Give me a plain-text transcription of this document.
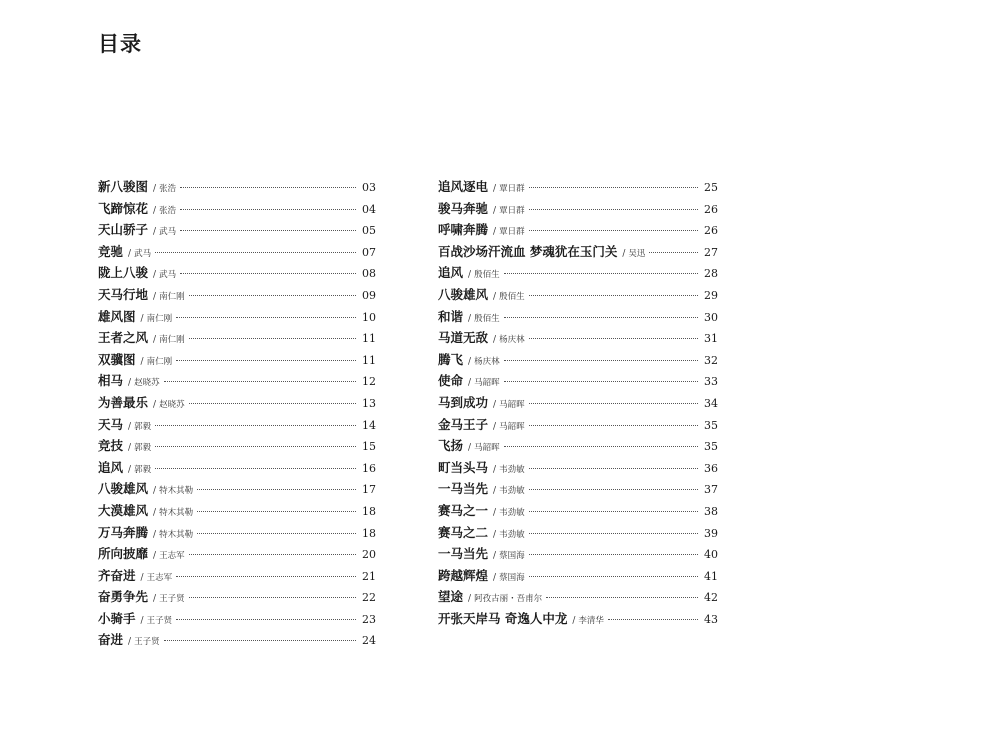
目录
新八骏图 / 张浩	03
飞蹄惊花 / 张浩	04
天山骄子 / 武马	05
竞驰 / 武马	07
陇上八骏 / 武马	08
天马行地 / 南仁刚	09
雄风图 / 南仁刚	10
王者之风 / 南仁刚	11
双骥图 / 南仁刚	11
相马 / 赵晓苏	12
为善最乐 / 赵晓苏	13
天马 / 郭毅	14
竞技 / 郭毅	15
追风 / 郭毅	16
八骏雄风 / 特木其勒	17
大漠雄风 / 特木其勒	18
万马奔腾 / 特木其勒	18
所向披靡 / 王志军	20
齐奋进 / 王志军	21
奋勇争先 / 王子贤	22
小骑手 / 王子贤	23
奋进 / 王子贤	24
追风逐电 / 覃日群	25
骏马奔驰 / 覃日群	26
呼啸奔腾 / 覃日群	26
百战沙场汗流血 梦魂犹在玉门关 / 吴迅	27
追风 / 殷佰生	28
八骏雄风 / 殷佰生	29
和谐 / 殷佰生	30
马道无敌 / 杨庆林	31
腾飞 / 杨庆林	32
使命 / 马韶晖	33
马到成功 / 马韶晖	34
金马王子 / 马韶晖	35
飞扬 / 马韶晖	35
町当头马 / 韦劲敏	36
一马当先 / 韦劲敏	37
赛马之一 / 韦劲敏	38
赛马之二 / 韦劲敏	39
一马当先 / 蔡国海	40
跨越辉煌 / 蔡国海	41
望途 / 阿孜古丽・吾甫尔	42
开张天岸马 奇逸人中龙 / 李清华	43
